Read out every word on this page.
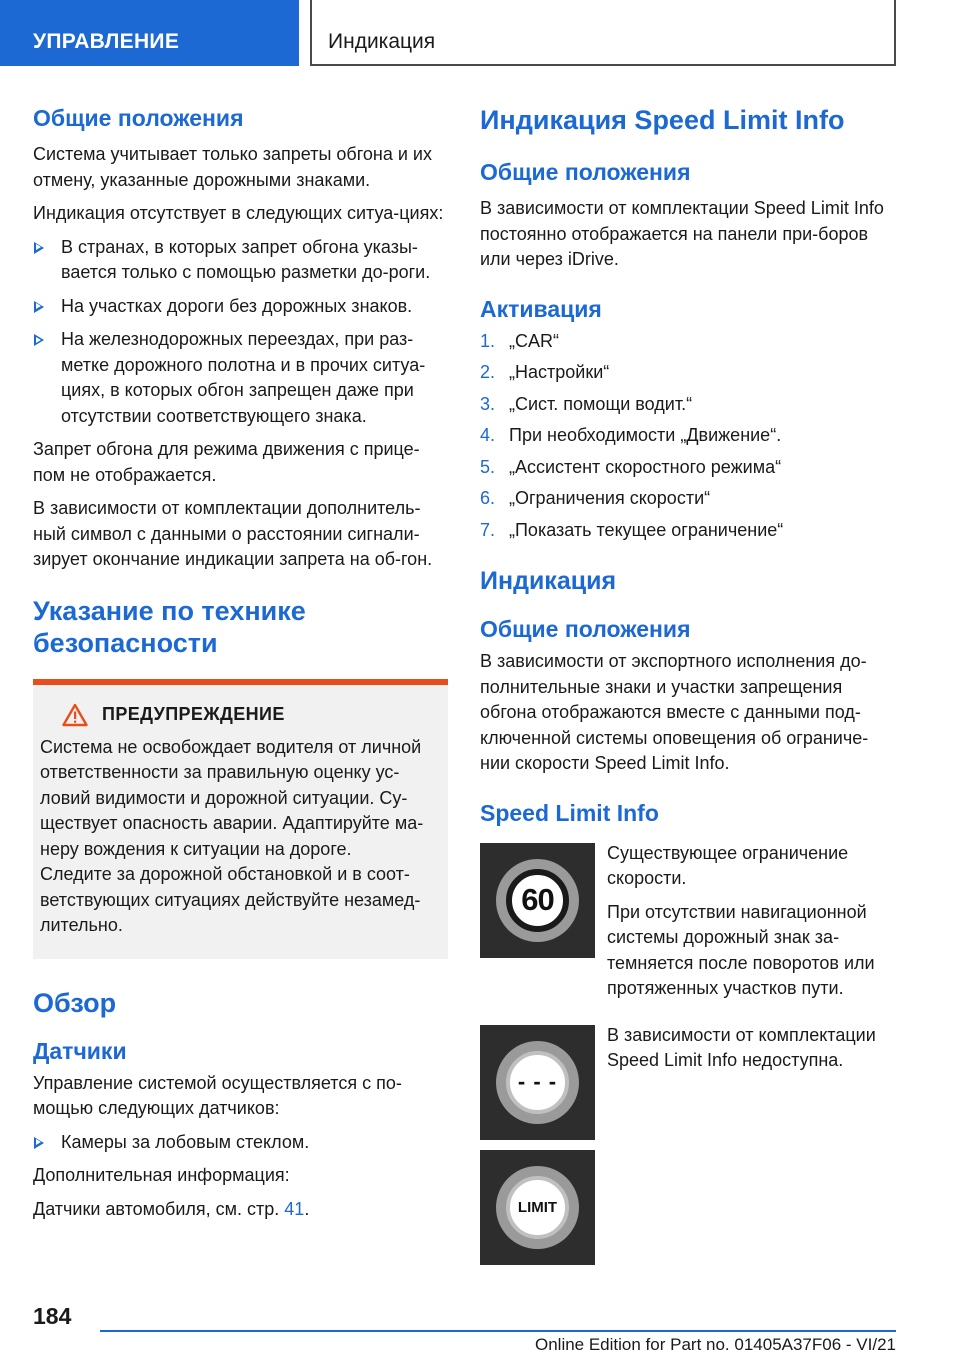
УПРАВЛЕНИЕ	Индикация
Общие положения

Система учитывает только запреты обгона и их отмену, указанные дорожными знаками.

Индикация отсутствует в следующих ситуа-циях:

В странах, в которых запрет обгона указы-вается только с помощью разметки до-роги.
На участках дороги без дорожных знаков.
На железнодорожных переездах, при раз-метке дорожного полотна и в прочих ситуа-циях, в которых обгон запрещен даже при отсутствии соответствующего знака.

Запрет обгона для режима движения с прице-пом не отображается.

В зависимости от комплектации дополнитель-ный символ с данными о расстоянии сигнали-зирует окончание индикации запрета на об-гон.

Указание по технике
безопасности
ПРЕДУПРЕЖДЕНИЕ

Система не освобождает водителя от личной ответственности за правильную оценку ус-ловий видимости и дорожной ситуации. Су-ществует опасность аварии. Адаптируйте ма-неру вождения к ситуации на дороге.

Следите за дорожной обстановкой и в соот-ветствующих ситуациях действуйте незамед-лительно.

Обзор
Датчики

Управление системой осуществляется с по-мощью следующих датчиков:

Камеры за лобовым стеклом.

Дополнительная информация:

Датчики автомобиля, см. стр. 41.

Индикация Speed Limit Info
Общие положения

В зависимости от комплектации Speed Limit Info постоянно отображается на панели при-боров или через iDrive.

Активация
1. „CAR“
2. „Настройки“
3. „Сист. помощи водит.“
4. При необходимости „Движение“.
5. „Ассистент скоростного режима“
6. „Ограничения скорости“
7. „Показать текущее ограничение“
Индикация
Общие положения

В зависимости от экспортного исполнения до-полнительные знаки и участки запрещения обгона отображаются вместе с данными под-ключенной системы оповещения об ограниче-нии скорости Speed Limit Info.

Speed Limit Info
60

Существующее ограничение скорости.

При отсутствии навигационной системы дорожный знак за-темняется после поворотов или протяженных участков пути.

- - -
LIMIT

В зависимости от комплектации Speed Limit Info недоступна.

184
Online Edition for Part no. 01405A37F06 - VI/21
